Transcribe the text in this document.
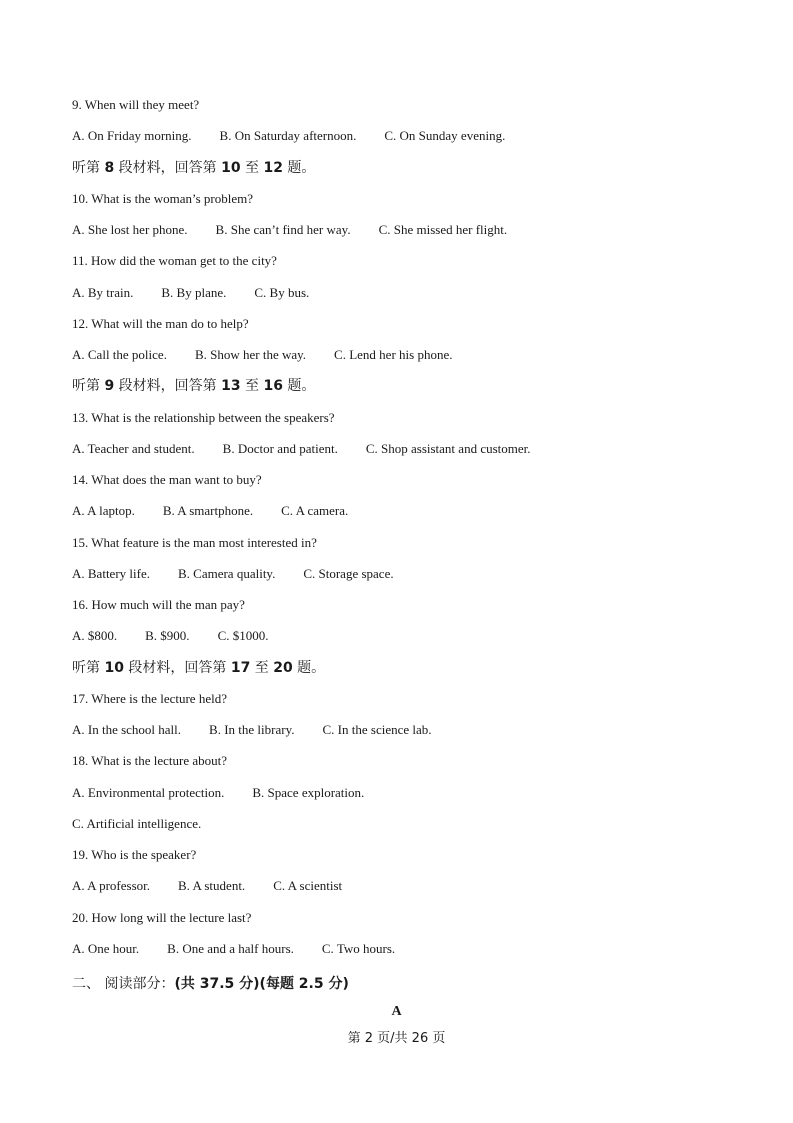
9. When will they meet?
A. On Friday morning. B. On Saturday afternoon. C. On Sunday evening.
听第 8 段材料，回答第 10 至 12 题。
10. What is the woman’s problem?
A. She lost her phone. B. She can’t find her way. C. She missed her flight.
11. How did the woman get to the city?
A. By train. B. By plane. C. By bus.
12. What will the man do to help?
A. Call the police. B. Show her the way. C. Lend her his phone.
听第 9 段材料，回答第 13 至 16 题。
13. What is the relationship between the speakers?
A. Teacher and student. B. Doctor and patient. C. Shop assistant and customer.
14. What does the man want to buy?
A. A laptop. B. A smartphone. C. A camera.
15. What feature is the man most interested in?
A. Battery life. B. Camera quality. C. Storage space.
16. How much will the man pay?
A. $800. B. $900. C. $1000.
听第 10 段材料，回答第 17 至 20 题。
17. Where is the lecture held?
A. In the school hall. B. In the library. C. In the science lab.
18. What is the lecture about?
A. Environmental protection. B. Space exploration.
C. Artificial intelligence.
19. Who is the speaker?
A. A professor. B. A student. C. A scientist
20. How long will the lecture last?
A. One hour. B. One and a half hours. C. Two hours.
二、 阅读部分：(共 37.5 分)(每题 2.5 分)
A
第 2 页/共 26 页
